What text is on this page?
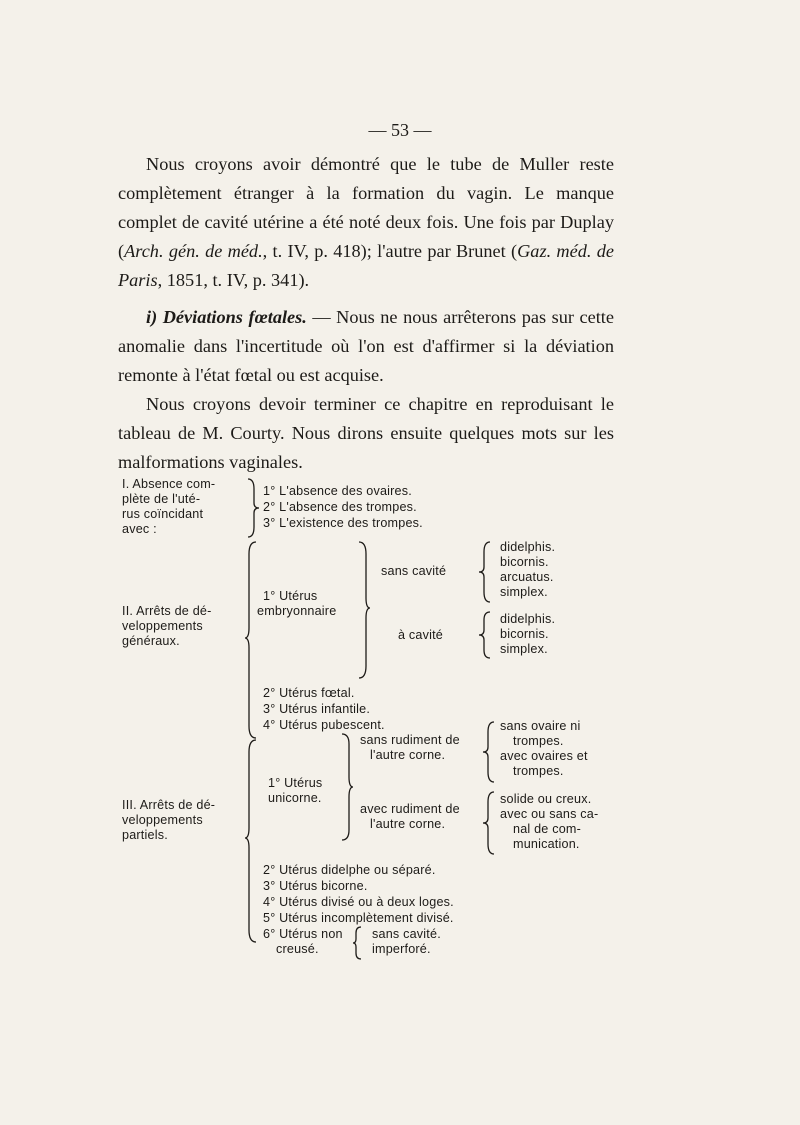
— 53 —

Nous croyons avoir démontré que le tube de Muller reste complètement étranger à la formation du vagin. Le manque complet de cavité utérine a été noté deux fois. Une fois par Duplay (Arch. gén. de méd., t. IV, p. 418); l'autre par Brunet (Gaz. méd. de Paris, 1851, t. IV, p. 341).

i) Déviations fœtales. — Nous ne nous arrêterons pas sur cette anomalie dans l'incertitude où l'on est d'affirmer si la déviation remonte à l'état fœtal ou est acquise.

Nous croyons devoir terminer ce chapitre en reproduisant le tableau de M. Courty. Nous dirons ensuite quelques mots sur les malformations vaginales.

I. Absence com-
plète de l'uté-
rus coïncidant
avec :
1° L'absence des ovaires.
2° L'absence des trompes.
3° L'existence des trompes.
II. Arrêts de dé-
veloppements
généraux.
1° Utérus
embryonnaire
sans cavité
à cavité
didelphis.
bicornis.
arcuatus.
simplex.
didelphis.
bicornis.
simplex.
2° Utérus fœtal.
3° Utérus infantile.
4° Utérus pubescent.
III. Arrêts de dé-
veloppements
partiels.
1° Utérus
unicorne.
sans rudiment de
l'autre corne.
avec rudiment de
l'autre corne.
sans ovaire ni
trompes.
avec ovaires et
trompes.
solide ou creux.
avec ou sans ca-
nal de com-
munication.
2° Utérus didelphe ou séparé.
3° Utérus bicorne.
4° Utérus divisé ou à deux loges.
5° Utérus incomplètement divisé.
6° Utérus non
creusé.
sans cavité.
imperforé.
